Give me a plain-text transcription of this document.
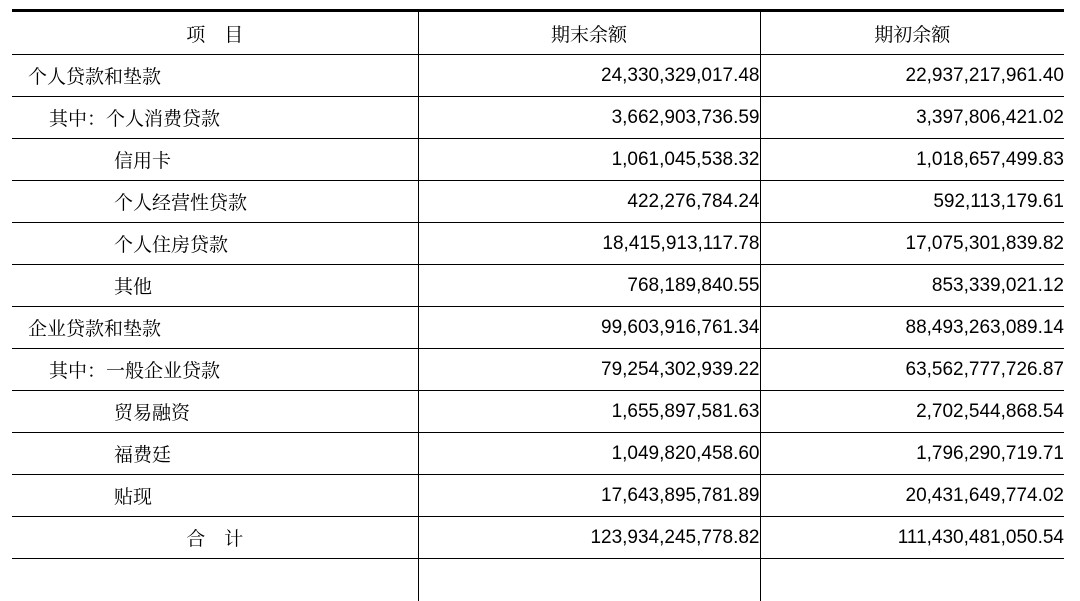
项　目	期末余额	期初余额
个人贷款和垫款	24,330,329,017.48	22,937,217,961.40
其中：个人消费贷款	3,662,903,736.59	3,397,806,421.02
信用卡	1,061,045,538.32	1,018,657,499.83
个人经营性贷款	422,276,784.24	592,113,179.61
个人住房贷款	18,415,913,117.78	17,075,301,839.82
其他	768,189,840.55	853,339,021.12
企业贷款和垫款	99,603,916,761.34	88,493,263,089.14
其中：一般企业贷款	79,254,302,939.22	63,562,777,726.87
贸易融资	1,655,897,581.63	2,702,544,868.54
福费廷	1,049,820,458.60	1,796,290,719.71
贴现	17,643,895,781.89	20,431,649,774.02
合　计	123,934,245,778.82	111,430,481,050.54
